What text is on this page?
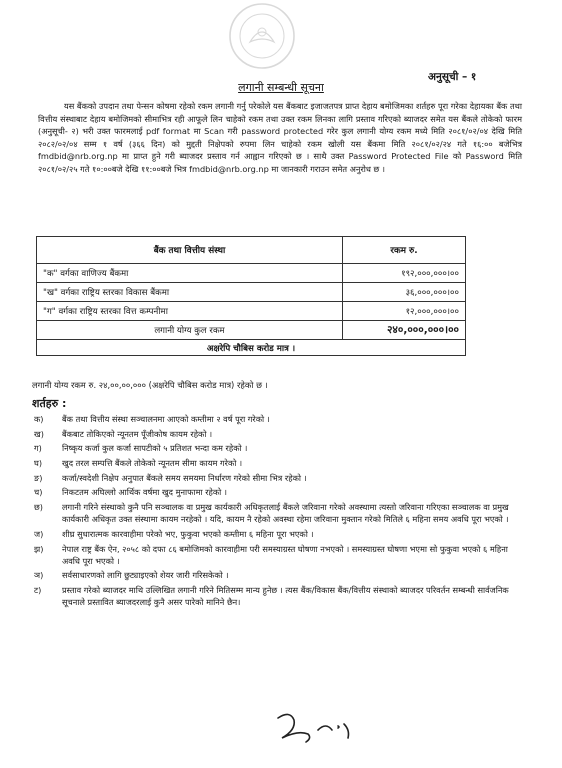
अनुसूची – १
लगानी सम्बन्धी सूचना
यस बैंकको उपदान तथा पेन्सन कोषमा रहेको रकम लगानी गर्नु परेकोले यस बैंकबाट इजाजतपत्र प्राप्त देहाय बमोजिमका शर्तहरु पूरा गरेका देहायका बैंक तथा वित्तीय संस्थाबाट देहाय बमोजिमको सीमाभित्र रही आफूले लिन चाहेको रकम तथा उक्त रकम लिनका लागि प्रस्ताव गरिएको ब्याजदर समेत यस बैंकले तोकेको फारम (अनुसूची- २) भरी उक्त फारमलाई pdf format मा Scan गरी password protected गरेर कुल लगानी योग्य रकम मध्ये मिति २०८१/०२/०४ देखि मिति २०८२/०२/०४ सम्म १ वर्ष (३६६ दिन) को मुद्दती निक्षेपको रुपमा लिन चाहेको रकम खोली यस बैंकमा मिति २०८१/०२/२४ गते १६:०० बजेभित्र fmdbid@nrb.org.np मा प्राप्त हुने गरी ब्याजदर प्रस्ताव गर्न आह्वान गरिएको छ । साथै उक्त Password Protected File को Password मिति २०८१/०२/२५ गते १०:००बजे देखि ११:००बजे भित्र fmdbid@nrb.org.np मा जानकारी गराउन समेत अनुरोध छ ।
बैंक तथा वित्तीय संस्था	रकम रु.
"क" वर्गका वाणिज्य बैंकमा	१९२,०००,०००।००
"ख" वर्गका राष्ट्रिय स्तरका विकास बैंकमा	३६,०००,०००।००
"ग" वर्गका राष्ट्रिय स्तरका वित्त कम्पनीमा	१२,०००,०००।००
लगानी योग्य कुल रकम	२४०,०००,०००।००
अक्षरेपि चौबिस करोड मात्र ।	
लगानी योग्य रकम रु. २४,००,००,००० (अक्षरेपि चौबिस करोड मात्र) रहेको छ ।
शर्तहरु :
क)	बैंक तथा वित्तीय संस्था सञ्चालनमा आएको कम्तीमा २ वर्ष पूरा गरेको ।
ख)	बैंकबाट तोकिएको न्यूनतम पूँजीकोष कायम रहेको ।
ग)	निष्कृय कर्जा कुल कर्जा सापटीको ५ प्रतिशत भन्दा कम रहेको ।
घ)	खुद तरल सम्पत्ति बैंकले तोकेको न्यूनतम सीमा कायम गरेको ।
ङ)	कर्जा/स्वदेशी निक्षेप अनुपात बैंकले समय समयमा निर्धारण गरेको सीमा भित्र रहेको ।
च)	निकटतम अघिल्लो आर्थिक वर्षमा खुद मुनाफामा रहेको ।
छ)	लगानी गरिने संस्थाको कुनै पनि सञ्चालक वा प्रमुख कार्यकारी अधिकृतलाई बैंकले जरिवाना गरेको अवस्थामा त्यस्तो जरिवाना गरिएका सञ्चालक वा प्रमुख कार्यकारी अधिकृत उक्त संस्थामा कायम नरहेको । यदि, कायम नै रहेको अवस्था रहेमा जरिवाना मुक्तान गरेको मितिले ६ महिना समय अवधि पूरा भएको ।
ज)	शीघ्र सुधारात्मक कारवाहीमा परेको भए, फुकुवा भएको कम्तीमा ६ महिना पूरा भएको ।
झ)	नेपाल राष्ट्र बैंक ऐन, २०५८ को दफा ८६ बमोजिमको कारवाहीमा परी समस्याग्रस्त घोषणा नभएको । समस्याग्रस्त घोषणा भएमा सो फुकुवा भएको ६ महिना अवधि पूरा भएको ।
ञ)	सर्वसाधारणको लागि छुट्याइएको शेयर जारी गरिसकेको ।
ट)	प्रस्ताव गरेको ब्याजदर माथि उल्लिखित लगानी गरिने मितिसम्म मान्य हुनेछ । त्यस बैंक/विकास बैंक/वित्तीय संस्थाको ब्याजदर परिवर्तन सम्बन्धी सार्वजनिक सूचनाले प्रस्तावित ब्याजदरलाई कुनै असर पारेको मानिने छैन।
